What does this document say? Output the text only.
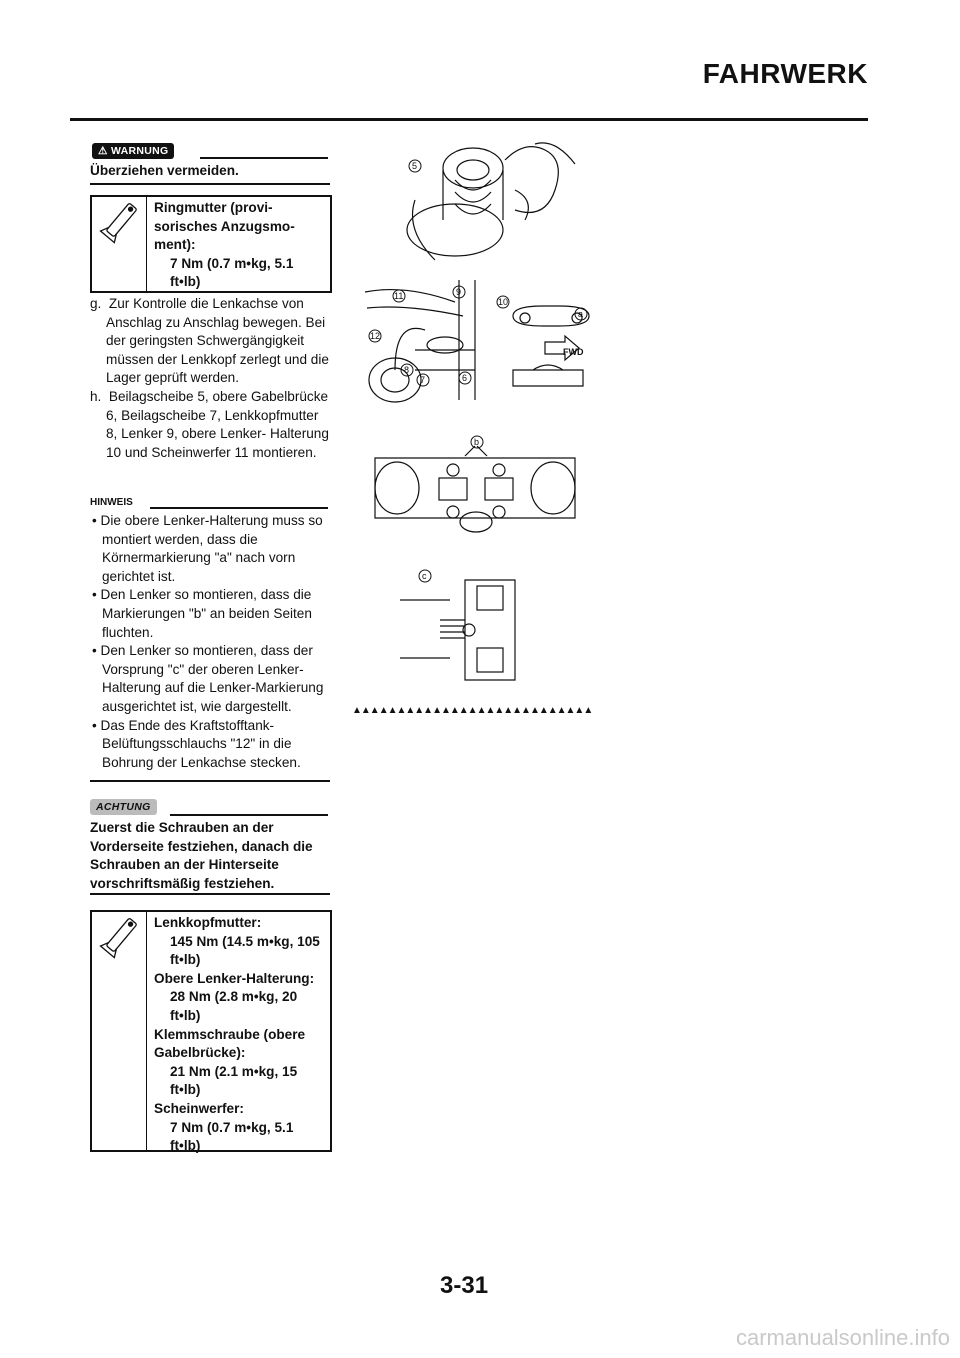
FAHRWERK
⚠ WARNUNG
Überziehen vermeiden.
Ringmutter (provi-sorisches Anzugsmo-ment):
7 Nm (0.7 m•kg, 5.1 ft•lb)

g. Zur Kontrolle die Lenkachse von Anschlag zu Anschlag bewegen. Bei der geringsten Schwergängigkeit müssen der Lenkkopf zerlegt und die Lager geprüft werden.

h. Beilagscheibe 5, obere Gabelbrücke 6, Beilagscheibe 7, Lenkkopfmutter 8, Lenker 9, obere Lenker- Halterung 10 und Scheinwerfer 11 montieren.

HINWEIS

• Die obere Lenker-Halterung muss so montiert werden, dass die Körnermarkierung "a" nach vorn gerichtet ist.

• Den Lenker so montieren, dass die Markierungen "b" an beiden Seiten fluchten.

• Den Lenker so montieren, dass der Vorsprung "c" der oberen Lenker-Halterung auf die Lenker-Markierung ausgerichtet ist, wie dargestellt.

• Das Ende des Kraftstofftank-Belüftungsschlauchs "12" in die Bohrung der Lenkachse stecken.

ACHTUNG
Zuerst die Schrauben an der Vorderseite festziehen, danach die Schrauben an der Hinterseite vorschriftsmäßig festziehen.
Lenkkopfmutter:
145 Nm (14.5 m•kg, 105 ft•lb)
Obere Lenker-Halterung:
28 Nm (2.8 m•kg, 20 ft•lb)
Klemmschraube (obere Gabelbrücke):
21 Nm (2.1 m•kg, 15 ft•lb)
Scheinwerfer:
7 Nm (0.7 m•kg, 5.1 ft•lb)
5
11	9
10
a
12
8
7	6
b
c
FWD
▲▲▲▲▲▲▲▲▲▲▲▲▲▲▲▲▲▲▲▲▲▲▲▲▲▲▲
3-31
carmanualsonline.info
